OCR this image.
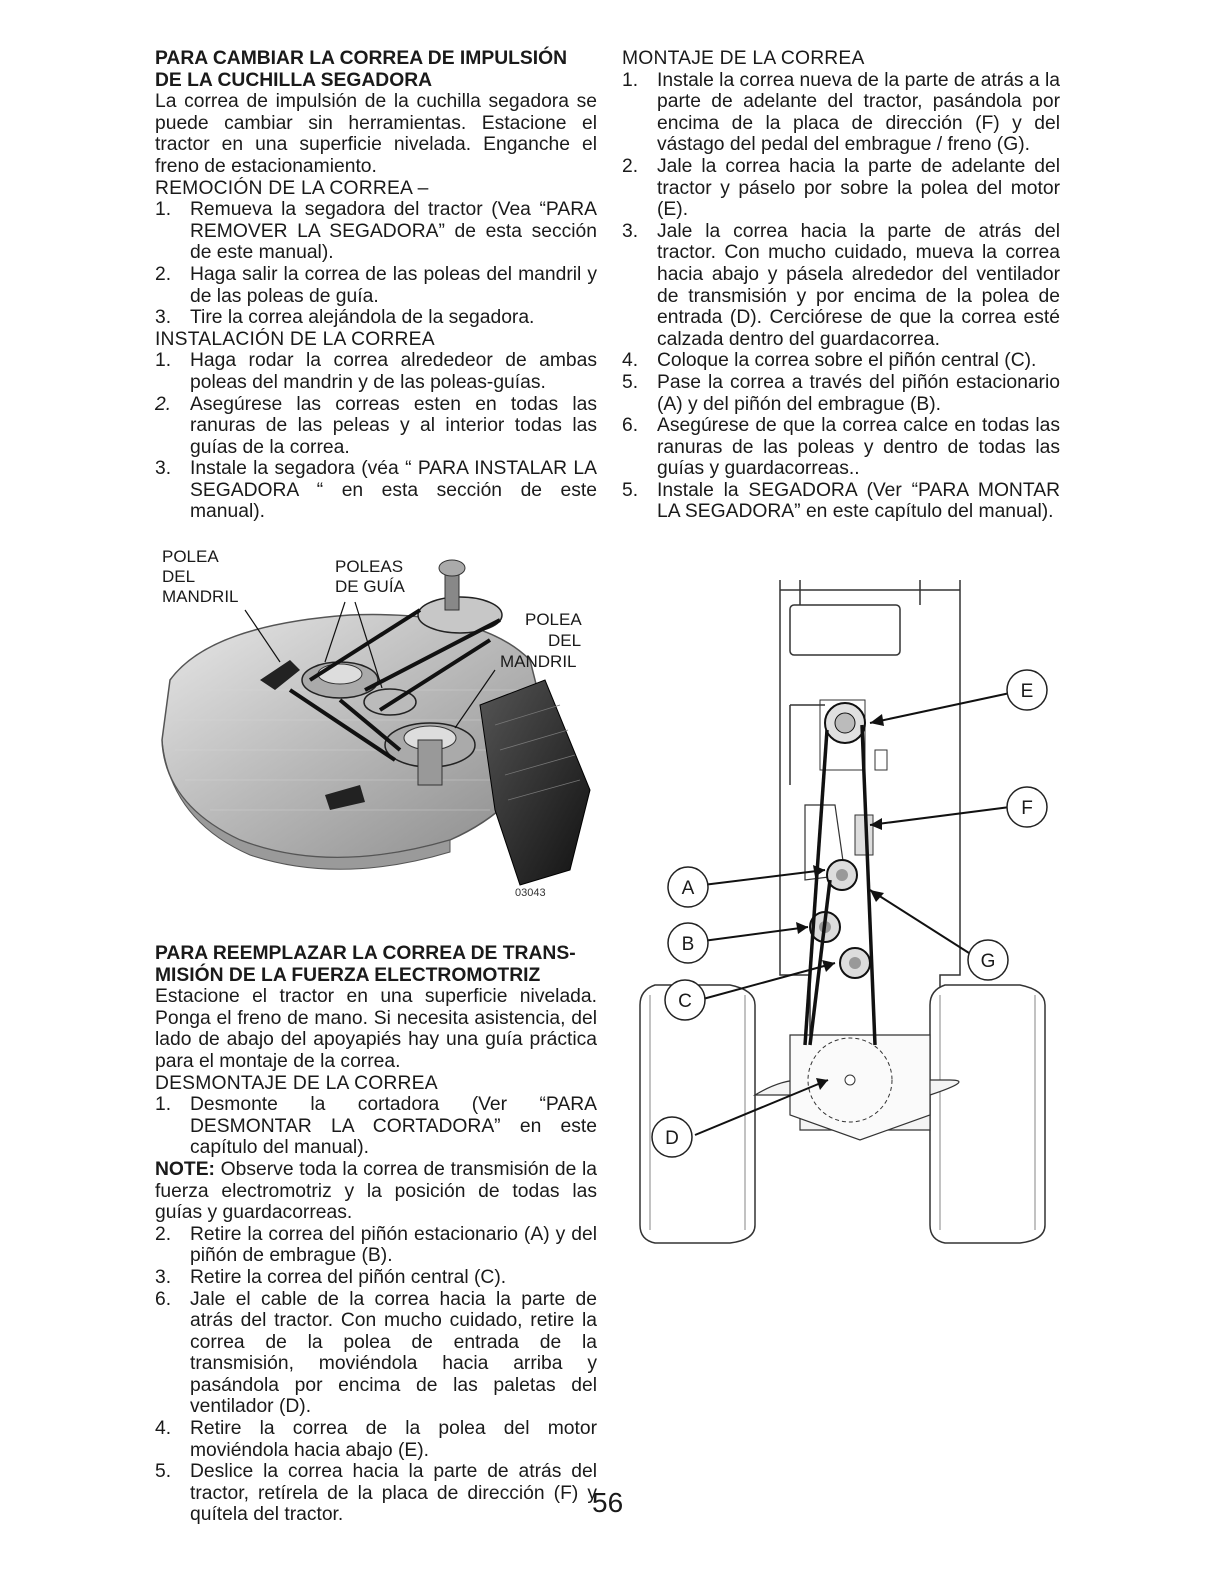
PARA CAMBIAR LA CORREA DE IMPULSIÓN
DE LA CUCHILLA SEGADORA

La correa de impulsión de la cuchilla segadora se puede cambiar sin herramientas. Estacione el tractor en una superficie nivelada. Enganche el freno de estacionamiento.

REMOCIÓN DE LA CORREA –

1. Remueva la segadora del tractor (Vea “PARA REMOVER LA SEGADORA” de esta sección de este manual).
2. Haga salir la correa de las poleas del mandril y de las poleas de guía.
3. Tire la correa alejándola de la segadora.

INSTALACIÓN DE LA CORREA

1. Haga rodar la correa alrededeor de ambas poleas del mandrin y de las poleas-guías.
2. Asegúrese las correas esten en todas las ranuras de las peleas y al interior todas las guías de la correa.
3. Instale la segadora (véa “ PARA INSTALAR LA SEGADORA “ en esta sección de este manual).
POLEA
DEL
MANDRIL
POLEAS
DE GUÍA
POLEA
DEL
MANDRIL
03043

PARA REEMPLAZAR LA CORREA DE TRANS-
MISIÓN DE LA FUERZA ELECTROMOTRIZ

Estacione el tractor en una superficie nivelada. Ponga el freno de mano. Si necesita asistencia, del lado de abajo del apoyapiés hay una guía práctica para el montaje de la correa.

DESMONTAJE DE LA CORREA

1. Desmonte la cortadora (Ver “PARA DESMONTAR LA CORTADORA” en este capítulo del manual).

NOTE: Observe toda la correa de transmisión de la fuerza electromotriz y la posición de todas las guías y guardacorreas.

2. Retire la correa del piñón estacionario (A) y del piñón de embrague (B).
3. Retire la correa del piñón central (C).
6. Jale el cable de la correa hacia la parte de atrás del tractor. Con mucho cuidado, retire la correa de la polea de entrada de la transmisión, moviéndola hacia arriba y pasándola por encima de las paletas del ventilador (D).
4. Retire la correa de la polea del motor moviéndola hacia abajo (E).
5. Deslice la correa hacia la parte de atrás del tractor, retírela de la placa de dirección (F) y quítela del tractor.

MONTAJE DE LA CORREA

1. Instale la correa nueva de la parte de atrás a la parte de adelante del tractor, pasándola por encima de la placa de dirección (F) y del vástago del pedal del embrague / freno (G).
2. Jale la correa hacia la parte de adelante del tractor y páselo por sobre la polea del motor (E).
3. Jale la correa hacia la parte de atrás del tractor. Con mucho cuidado, mueva la correa hacia abajo y pásela alrededor del ventilador de transmisión y por encima de la polea de entrada (D). Cerciórese de que la correa esté calzada dentro del guardacorrea.
4. Coloque la correa sobre el piñón central (C).
5. Pase la correa a través del piñón estacionario (A) y del piñón del embrague (B).
6. Asegúrese de que la correa calce en todas las ranuras de las poleas y dentro de todas las guías y guardacorreas..
5. Instale la SEGADORA (Ver “PARA MONTAR LA SEGADORA” en este capítulo del manual).
E
F
A
G
B
C
D
56
